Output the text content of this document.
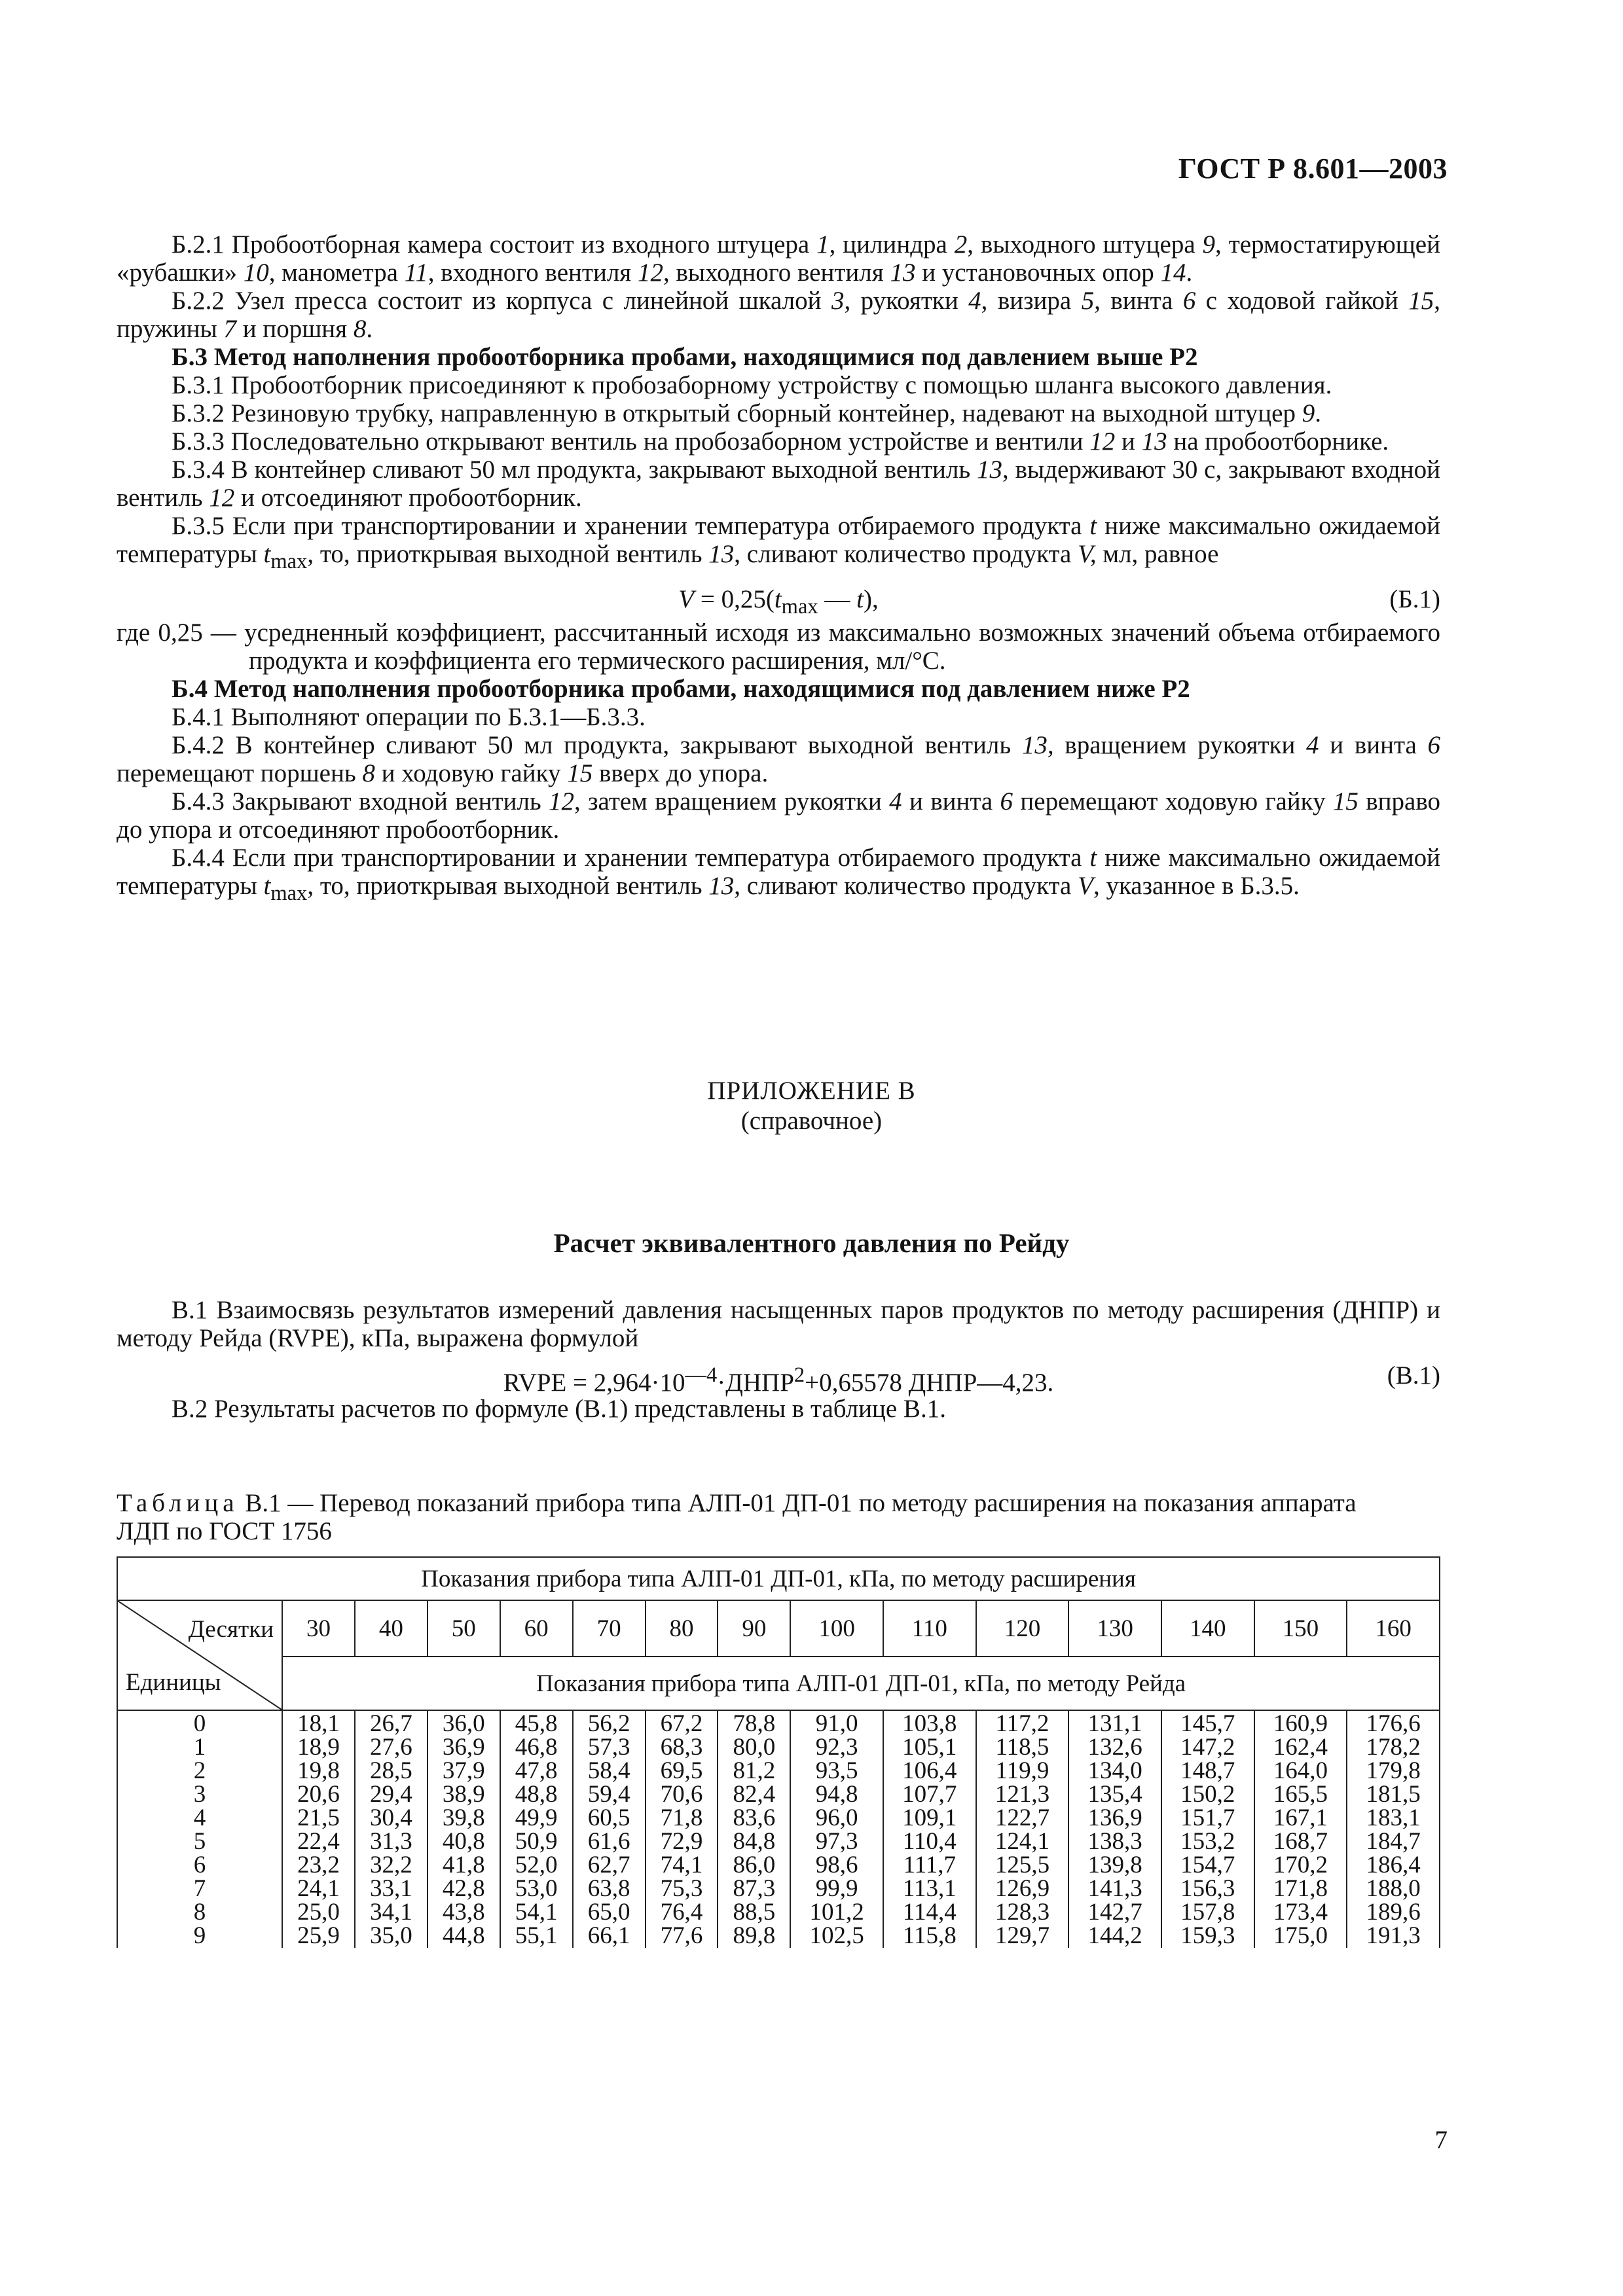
ГОСТ Р 8.601—2003

Б.2.1 Пробоотборная камера состоит из входного штуцера 1, цилиндра 2, выходного штуцера 9, термостатирующей «рубашки» 10, манометра 11, входного вентиля 12, выходного вентиля 13 и установочных опор 14.

Б.2.2 Узел пресса состоит из корпуса с линейной шкалой 3, рукоятки 4, визира 5, винта 6 с ходовой гайкой 15, пружины 7 и поршня 8.

Б.3 Метод наполнения пробоотборника пробами, находящимися под давлением выше Р2

Б.3.1 Пробоотборник присоединяют к пробозаборному устройству с помощью шланга высокого давления.

Б.3.2 Резиновую трубку, направленную в открытый сборный контейнер, надевают на выходной штуцер 9.

Б.3.3 Последовательно открывают вентиль на пробозаборном устройстве и вентили 12 и 13 на пробоотборнике.

Б.3.4 В контейнер сливают 50 мл продукта, закрывают выходной вентиль 13, выдерживают 30 с, закрывают входной вентиль 12 и отсоединяют пробоотборник.

Б.3.5 Если при транспортировании и хранении температура отбираемого продукта t ниже максимально ожидаемой температуры $t_{max}$, то, приоткрывая выходной вентиль 13, сливают количество продукта V, мл, равное

$V = 0,25(t_{max}$ — t),	(Б.1)

где 0,25 — усредненный коэффициент, рассчитанный исходя из максимально возможных значений объема отбираемого продукта и коэффициента его термического расширения, мл/°С.

Б.4 Метод наполнения пробоотборника пробами, находящимися под давлением ниже Р2

Б.4.1 Выполняют операции по Б.3.1—Б.3.3.

Б.4.2 В контейнер сливают 50 мл продукта, закрывают выходной вентиль 13, вращением рукоятки 4 и винта 6 перемещают поршень 8 и ходовую гайку 15 вверх до упора.

Б.4.3 Закрывают входной вентиль 12, затем вращением рукоятки 4 и винта 6 перемещают ходовую гайку 15 вправо до упора и отсоединяют пробоотборник.

Б.4.4 Если при транспортировании и хранении температура отбираемого продукта t ниже максимально ожидаемой температуры $t_{max}$, то, приоткрывая выходной вентиль 13, сливают количество продукта V, указанное в Б.3.5.

ПРИЛОЖЕНИЕ В
(справочное)
Расчет эквивалентного давления по Рейду

В.1 Взаимосвязь результатов измерений давления насыщенных паров продуктов по методу расширения (ДНПР) и методу Рейда (RVPE), кПа, выражена формулой

RVPE = $2,964\cdot 10^{—4}\cdot ДНПР^2+0,65578$ ДНПР—4,23.	(В.1)

В.2 Результаты расчетов по формуле (В.1) представлены в таблице В.1.

Таблица В.1 — Перевод показаний прибора типа АЛП-01 ДП-01 по методу расширения на показания аппарата ЛДП по ГОСТ 1756
Показания прибора типа АЛП-01 ДП-01, кПа, по методу расширения														

Десятки
Единицы	30	40	50	60	70	80	90	100	110	120	130	140	150	160
	Показания прибора типа АЛП-01 ДП-01, кПа, по методу Рейда													
0	18,1	26,7	36,0	45,8	56,2	67,2	78,8	91,0	103,8	117,2	131,1	145,7	160,9	176,6
1	18,9	27,6	36,9	46,8	57,3	68,3	80,0	92,3	105,1	118,5	132,6	147,2	162,4	178,2
2	19,8	28,5	37,9	47,8	58,4	69,5	81,2	93,5	106,4	119,9	134,0	148,7	164,0	179,8
3	20,6	29,4	38,9	48,8	59,4	70,6	82,4	94,8	107,7	121,3	135,4	150,2	165,5	181,5
4	21,5	30,4	39,8	49,9	60,5	71,8	83,6	96,0	109,1	122,7	136,9	151,7	167,1	183,1
5	22,4	31,3	40,8	50,9	61,6	72,9	84,8	97,3	110,4	124,1	138,3	153,2	168,7	184,7
6	23,2	32,2	41,8	52,0	62,7	74,1	86,0	98,6	111,7	125,5	139,8	154,7	170,2	186,4
7	24,1	33,1	42,8	53,0	63,8	75,3	87,3	99,9	113,1	126,9	141,3	156,3	171,8	188,0
8	25,0	34,1	43,8	54,1	65,0	76,4	88,5	101,2	114,4	128,3	142,7	157,8	173,4	189,6
9	25,9	35,0	44,8	55,1	66,1	77,6	89,8	102,5	115,8	129,7	144,2	159,3	175,0	191,3
7
